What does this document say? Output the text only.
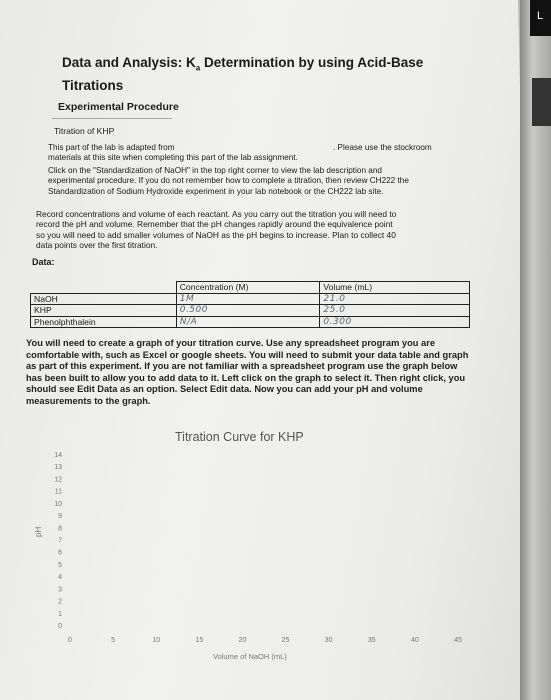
L
Data and Analysis: $K_a$ Determination by using Acid-Base
Titrations
Experimental Procedure
Titration of KHP
This part of the lab is adapted from	. Please use the stockroom

materials at this site when completing this part of the lab assignment.
Click on the "Standardization of NaOH" in the top right corner to view the lab description and
experimental procedure. If you do not remember how to complete a titration, then review CH222 the
Standardization of Sodium Hydroxide experiment in your lab notebook or the CH222 lab site.
Record concentrations and volume of each reactant. As you carry out the titration you will need to
record the pH and volume. Remember that the pH changes rapidly around the equivalence point
so you will need to add smaller volumes of NaOH as the pH begins to increase. Plan to collect 40
data points over the first titration.
Data:
	Concentration (M)	Volume (mL)
NaOH	1M	21.0
KHP	0.500	25.0
Phenolphthalein	N/A	0.300
You will need to create a graph of your titration curve. Use any spreadsheet program you are
comfortable with, such as Excel or google sheets. You will need to submit your data table and graph
as part of this experiment. If you are not familiar with a spreadsheet program use the graph below
has been built to allow you to add data to it. Left click on the graph to select it. Then right click, you
should see Edit Data as an option. Select Edit data. Now you can add your pH and volume
measurements to the graph.
Titration Curve for KHP
0
1
2
3
4
5
6
7
8
9
10
11
12
13
14
0	5	10	15	20	25	30	35	40	45
Volume of NaOH (mL)
pH
